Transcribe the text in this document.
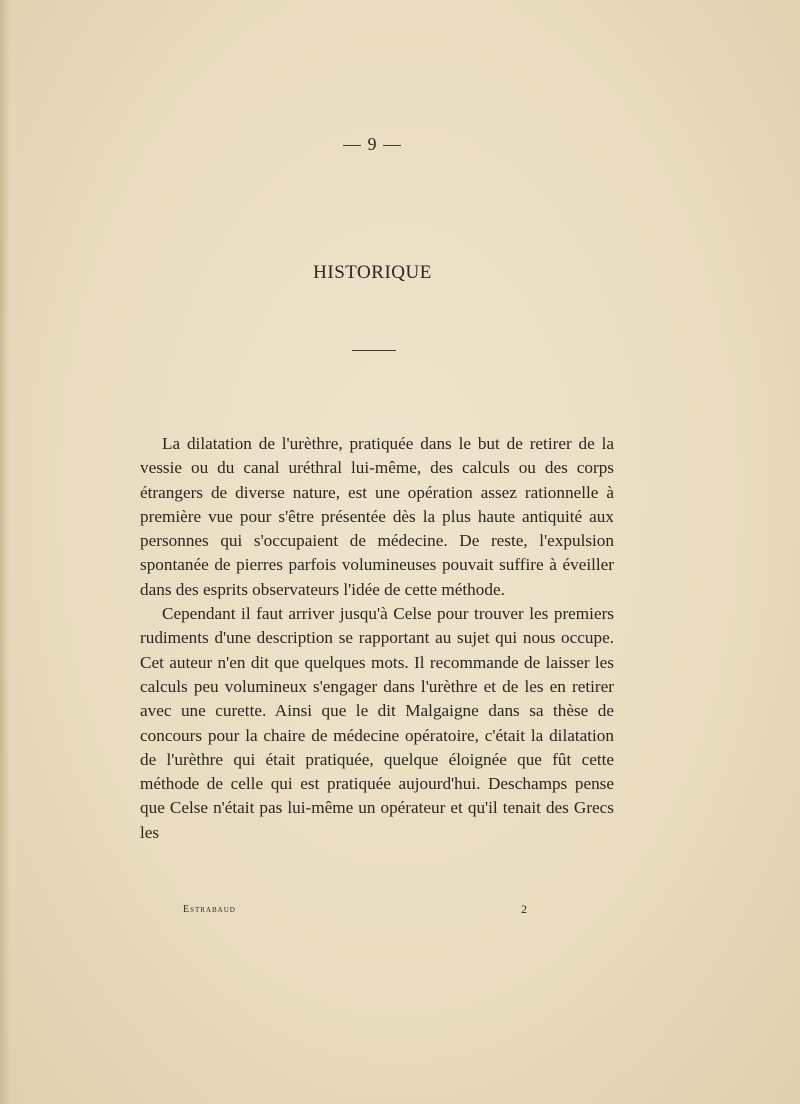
— 9 —
HISTORIQUE

La dilatation de l'urèthre, pratiquée dans le but de retirer de la vessie ou du canal uréthral lui-même, des calculs ou des corps étrangers de diverse nature, est une opération assez rationnelle à première vue pour s'être présentée dès la plus haute antiquité aux personnes qui s'occupaient de médecine. De reste, l'expulsion spontanée de pierres parfois volumineuses pouvait suffire à éveiller dans des esprits observateurs l'idée de cette méthode.

Cependant il faut arriver jusqu'à Celse pour trouver les premiers rudiments d'une description se rapportant au sujet qui nous occupe. Cet auteur n'en dit que quelques mots. Il recommande de laisser les calculs peu volumineux s'engager dans l'urèthre et de les en retirer avec une curette. Ainsi que le dit Malgaigne dans sa thèse de concours pour la chaire de médecine opératoire, c'était la dilatation de l'urèthre qui était pratiquée, quelque éloignée que fût cette méthode de celle qui est pratiquée aujourd'hui. Deschamps pense que Celse n'était pas lui-même un opérateur et qu'il tenait des Grecs les

Estrabaud	2
